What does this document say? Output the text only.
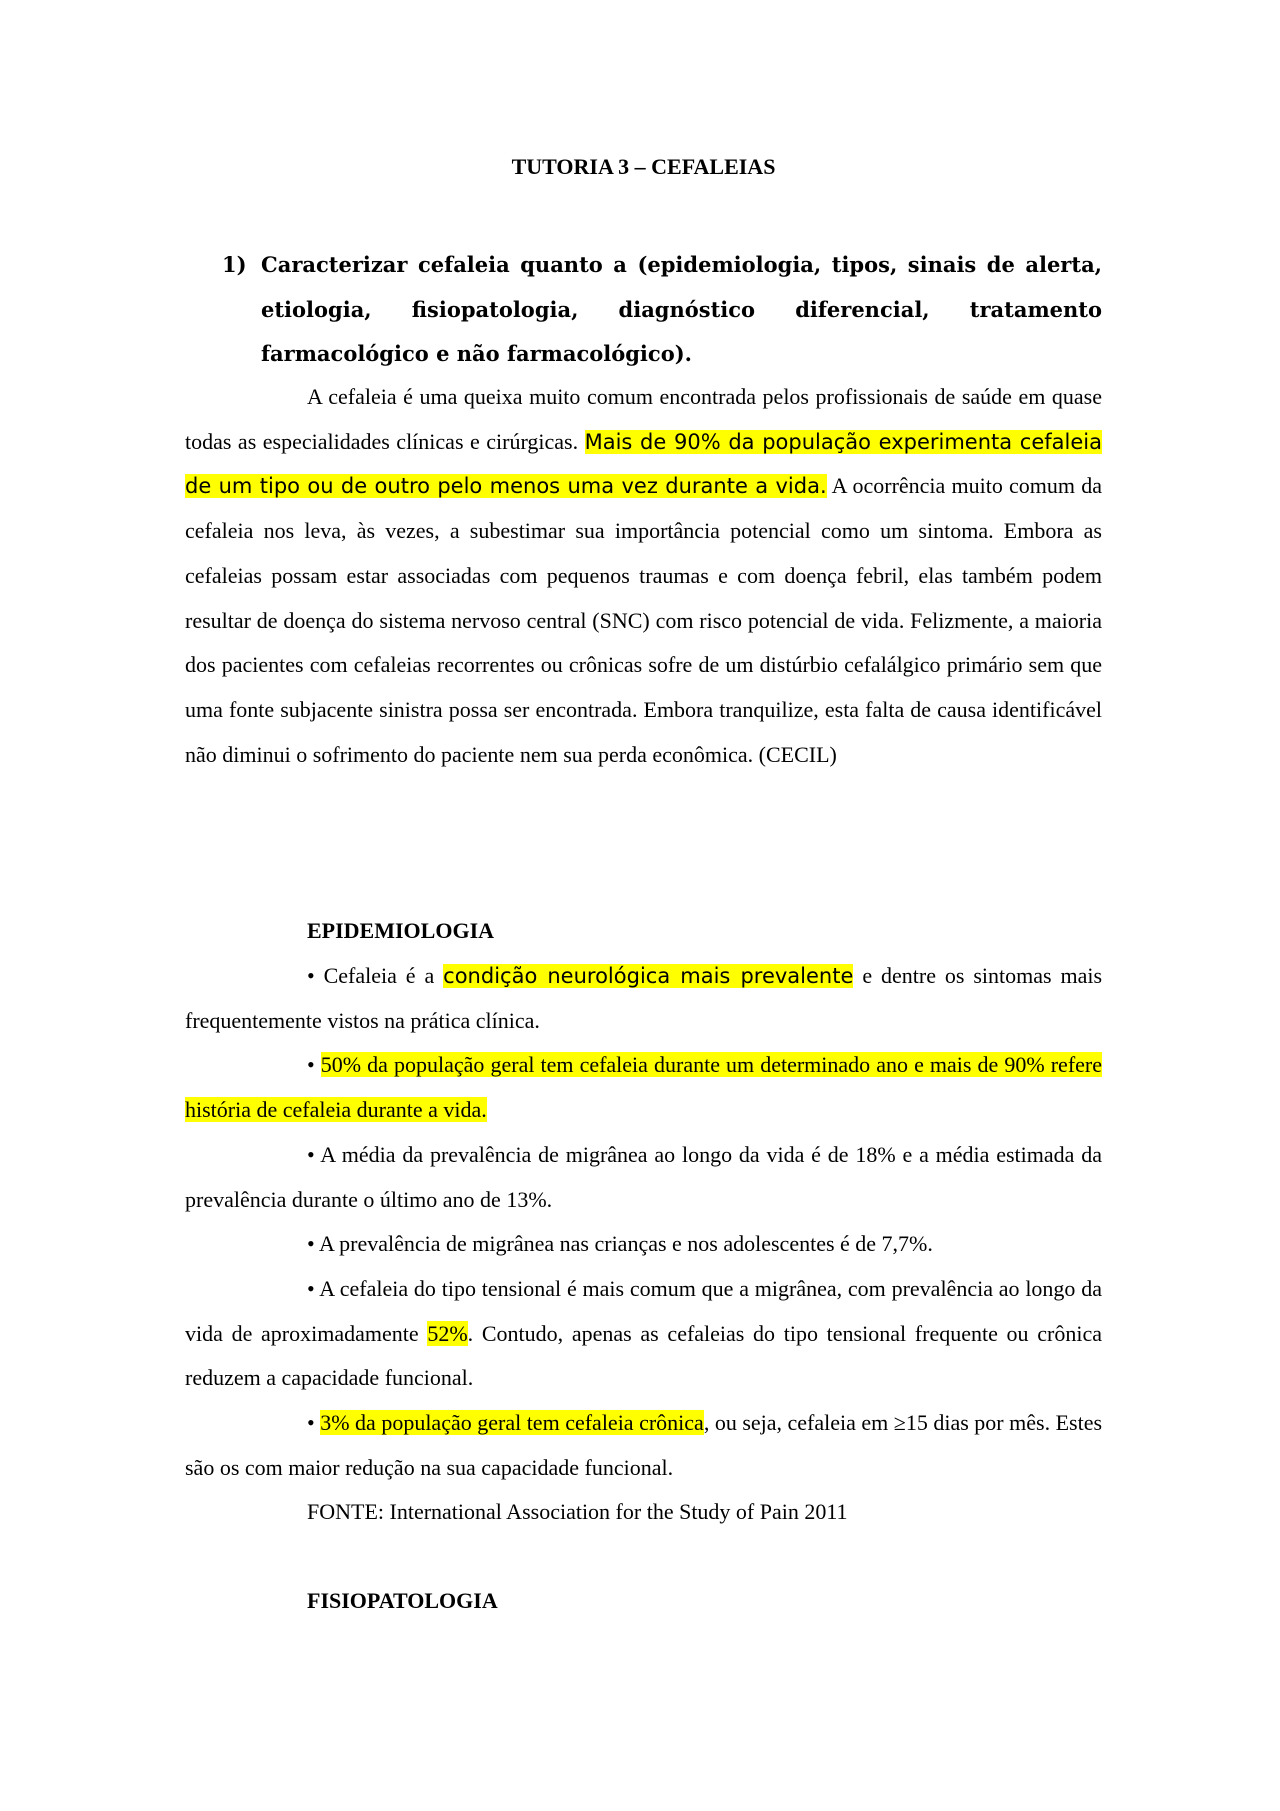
TUTORIA 3 – CEFALEIAS
1) Caracterizar cefaleia quanto a (epidemiologia, tipos, sinais de alerta, etiologia, fisiopatologia, diagnóstico diferencial, tratamento farmacológico e não farmacológico).

A cefaleia é uma queixa muito comum encontrada pelos profissionais de saúde em quase todas as especialidades clínicas e cirúrgicas. Mais de 90% da população experimenta cefaleia de um tipo ou de outro pelo menos uma vez durante a vida. A ocorrência muito comum da cefaleia nos leva, às vezes, a subestimar sua importância potencial como um sintoma. Embora as cefaleias possam estar associadas com pequenos traumas e com doença febril, elas também podem resultar de doença do sistema nervoso central (SNC) com risco potencial de vida. Felizmente, a maioria dos pacientes com cefaleias recorrentes ou crônicas sofre de um distúrbio cefalálgico primário sem que uma fonte subjacente sinistra possa ser encontrada. Embora tranquilize, esta falta de causa identificável não diminui o sofrimento do paciente nem sua perda econômica. (CECIL)

EPIDEMIOLOGIA

• Cefaleia é a condição neurológica mais prevalente e dentre os sintomas mais frequentemente vistos na prática clínica.

• 50% da população geral tem cefaleia durante um determinado ano e mais de 90% refere história de cefaleia durante a vida.

• A média da prevalência de migrânea ao longo da vida é de 18% e a média estimada da prevalência durante o último ano de 13%.

• A prevalência de migrânea nas crianças e nos adolescentes é de 7,7%.

• A cefaleia do tipo tensional é mais comum que a migrânea, com prevalência ao longo da vida de aproximadamente 52%. Contudo, apenas as cefaleias do tipo tensional frequente ou crônica reduzem a capacidade funcional.

• 3% da população geral tem cefaleia crônica, ou seja, cefaleia em ≥15 dias por mês. Estes são os com maior redução na sua capacidade funcional.

FONTE: International Association for the Study of Pain 2011

FISIOPATOLOGIA
